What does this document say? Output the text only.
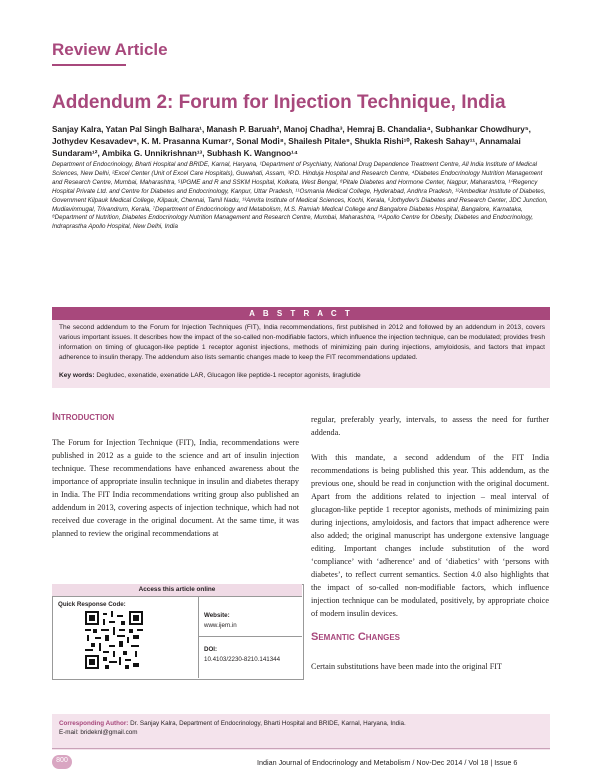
Review Article
Addendum 2: Forum for Injection Technique, India
Sanjay Kalra, Yatan Pal Singh Balhara¹, Manash P. Baruah², Manoj Chadha³, Hemraj B. Chandalia⁴, Subhankar Chowdhury⁵, Jothydev Kesavadev⁶, K. M. Prasanna Kumar⁷, Sonal Modi⁸, Shailesh Pitale⁹, Shukla Rishi¹⁰, Rakesh Sahay¹¹, Annamalai Sundaram¹², Ambika G. Unnikrishnan¹³, Subhash K. Wangnoo¹⁴
Department of Endocrinology, Bharti Hospital and BRIDE, Karnal, Haryana, ¹Department of Psychiatry, National Drug Dependence Treatment Centre, All India Institute of Medical Sciences, New Delhi, ²Excel Center (Unit of Excel Care Hospitals), Guwahati, Assam, ³P.D. Hinduja Hospital and Research Centre, ⁴Diabetes Endocrinology Nutrition Management and Research Centre, Mumbai, Maharashtra, ⁵IPGME and R and SSKM Hospital, Kolkata, West Bengal, ⁸Pitale Diabetes and Hormone Center, Nagpur, Maharashtra, ¹⁰Regency Hospital Private Ltd. and Centre for Diabetes and Endocrinology, Kanpur, Uttar Pradesh, ¹¹Osmania Medical College, Hyderabad, Andhra Pradesh, ¹²Ambedkar Institute of Diabetes, Government Kilpauk Medical College, Kilpauk, Chennai, Tamil Nadu, ¹³Amrita Institute of Medical Sciences, Kochi, Kerala, ⁶Jothydev's Diabetes and Research Center, JDC Junction, Mudiavinmugal, Trivandrum, Kerala, ⁷Department of Endocrinology and Metabolism, M.S. Ramiah Medical College and Bangalore Diabetes Hospital, Bangalore, Karnataka, ⁸Department of Nutrition, Diabetes Endocrinology Nutrition Management and Research Centre, Mumbai, Maharashtra, ¹⁴Apollo Centre for Obesity, Diabetes and Endocrinology, Indraprastha Apollo Hospital, New Delhi, India
A B S T R A C T
The second addendum to the Forum for Injection Techniques (FIT), India recommendations, first published in 2012 and followed by an addendum in 2013, covers various important issues. It describes how the impact of the so-called non-modifiable factors, which influence the injection technique, can be modulated; provides fresh information on timing of glucagon-like peptide 1 receptor agonist injections, methods of minimizing pain during injections, amyloidosis, and factors that impact adherence to insulin therapy. The addendum also lists semantic changes made to keep the FIT recommendations updated.
Key words: Degludec, exenatide, exenatide LAR, Glucagon like peptide-1 receptor agonists, liraglutide
Introduction
The Forum for Injection Technique (FIT), India, recommendations were published in 2012 as a guide to the science and art of insulin injection technique. These recommendations have enhanced awareness about the importance of appropriate insulin technique in insulin and diabetes therapy in India. The FIT India recommendations writing group also published an addendum in 2013, covering aspects of injection technique, which had not received due coverage in the original document. At the same time, it was planned to review the original recommendations at
regular, preferably yearly, intervals, to assess the need for further addenda.
With this mandate, a second addendum of the FIT India recommendations is being published this year. This addendum, as the previous one, should be read in conjunction with the original document. Apart from the additions related to injection – meal interval of glucagon-like peptide 1 receptor agonists, methods of minimizing pain during injections, amyloidosis, and factors that impact adherence were also added; the original manuscript has undergone extensive language editing. Important changes include substitution of the word ‘compliance’ with ‘adherence’ and of ‘diabetics’ with ‘persons with diabetes’, to reflect current semantics. Section 4.0 also highlights that the impact of so-called non-modifiable factors, which influence injection technique can be modulated, positively, by appropriate choice of modern insulin devices.
Semantic Changes
Certain substitutions have been made into the original FIT
Access this article online
Quick Response Code:
Website:
www.ijem.in
DOI:
10.4103/2230-8210.141344
Corresponding Author: Dr. Sanjay Kalra, Department of Endocrinology, Bharti Hospital and BRIDE, Karnal, Haryana, India.
E-mail: brideknl@gmail.com
800	Indian Journal of Endocrinology and Metabolism / Nov-Dec 2014 / Vol 18 | Issue 6
